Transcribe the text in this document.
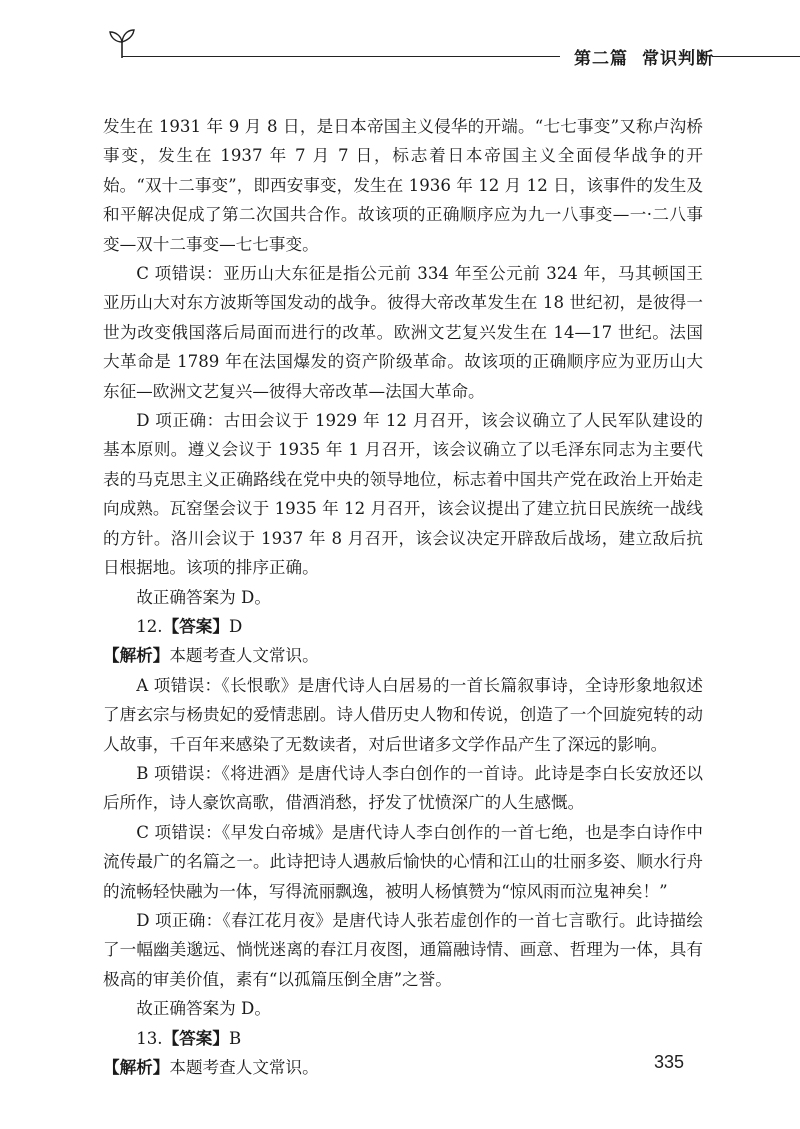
第二篇 常识判断

发生在 1931 年 9 月 8 日，是日本帝国主义侵华的开端。“七七事变”又称卢沟桥事变，发生在 1937 年 7 月 7 日，标志着日本帝国主义全面侵华战争的开始。“双十二事变”，即西安事变，发生在 1936 年 12 月 12 日，该事件的发生及和平解决促成了第二次国共合作。故该项的正确顺序应为九一八事变—一·二八事变—双十二事变—七七事变。

C 项错误：亚历山大东征是指公元前 334 年至公元前 324 年，马其顿国王亚历山大对东方波斯等国发动的战争。彼得大帝改革发生在 18 世纪初，是彼得一世为改变俄国落后局面而进行的改革。欧洲文艺复兴发生在 14—17 世纪。法国大革命是 1789 年在法国爆发的资产阶级革命。故该项的正确顺序应为亚历山大东征—欧洲文艺复兴—彼得大帝改革—法国大革命。

D 项正确：古田会议于 1929 年 12 月召开，该会议确立了人民军队建设的基本原则。遵义会议于 1935 年 1 月召开，该会议确立了以毛泽东同志为主要代表的马克思主义正确路线在党中央的领导地位，标志着中国共产党在政治上开始走向成熟。瓦窑堡会议于 1935 年 12 月召开，该会议提出了建立抗日民族统一战线的方针。洛川会议于 1937 年 8 月召开，该会议决定开辟敌后战场，建立敌后抗日根据地。该项的排序正确。

故正确答案为 D。

12.【答案】D

【解析】本题考查人文常识。

A 项错误：《长恨歌》是唐代诗人白居易的一首长篇叙事诗，全诗形象地叙述了唐玄宗与杨贵妃的爱情悲剧。诗人借历史人物和传说，创造了一个回旋宛转的动人故事，千百年来感染了无数读者，对后世诸多文学作品产生了深远的影响。

B 项错误：《将进酒》是唐代诗人李白创作的一首诗。此诗是李白长安放还以后所作，诗人豪饮高歌，借酒消愁，抒发了忧愤深广的人生感慨。

C 项错误：《早发白帝城》是唐代诗人李白创作的一首七绝，也是李白诗作中流传最广的名篇之一。此诗把诗人遇赦后愉快的心情和江山的壮丽多姿、顺水行舟的流畅轻快融为一体，写得流丽飘逸，被明人杨慎赞为“惊风雨而泣鬼神矣！”

D 项正确：《春江花月夜》是唐代诗人张若虚创作的一首七言歌行。此诗描绘了一幅幽美邈远、惝恍迷离的春江月夜图，通篇融诗情、画意、哲理为一体，具有极高的审美价值，素有“以孤篇压倒全唐”之誉。

故正确答案为 D。

13.【答案】B

【解析】本题考查人文常识。	335
